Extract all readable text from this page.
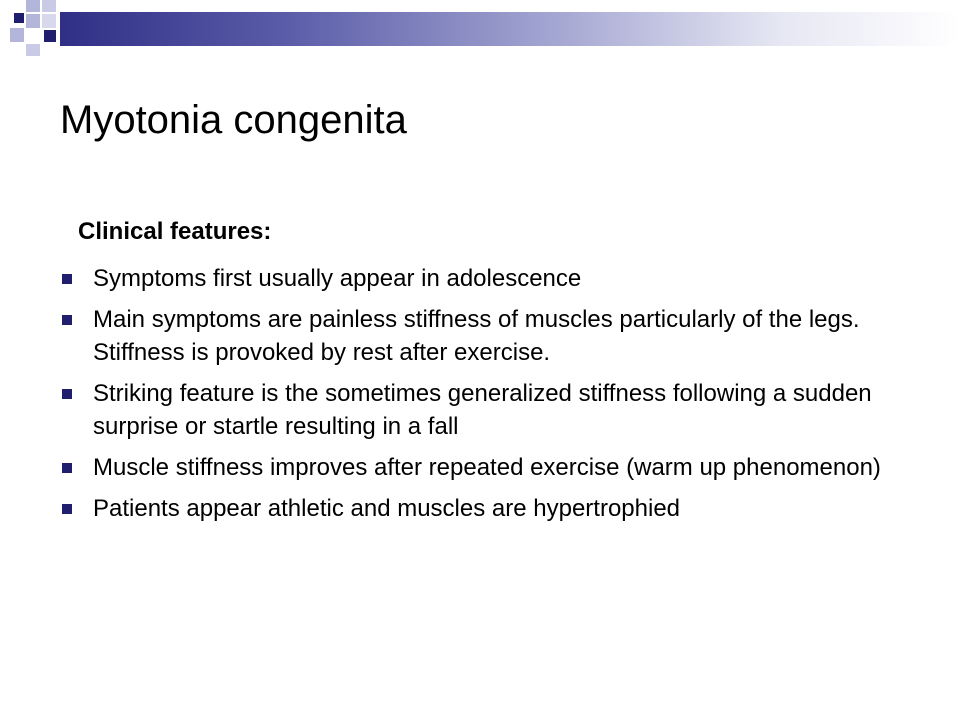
Myotonia congenita

Clinical features:

Symptoms first usually appear in adolescence
Main symptoms are painless stiffness of muscles particularly of the legs. Stiffness is provoked by rest after exercise.
Striking feature is the sometimes generalized stiffness following a sudden surprise or startle resulting in a fall
Muscle stiffness improves after repeated exercise (warm up phenomenon)
Patients appear athletic and muscles are hypertrophied
